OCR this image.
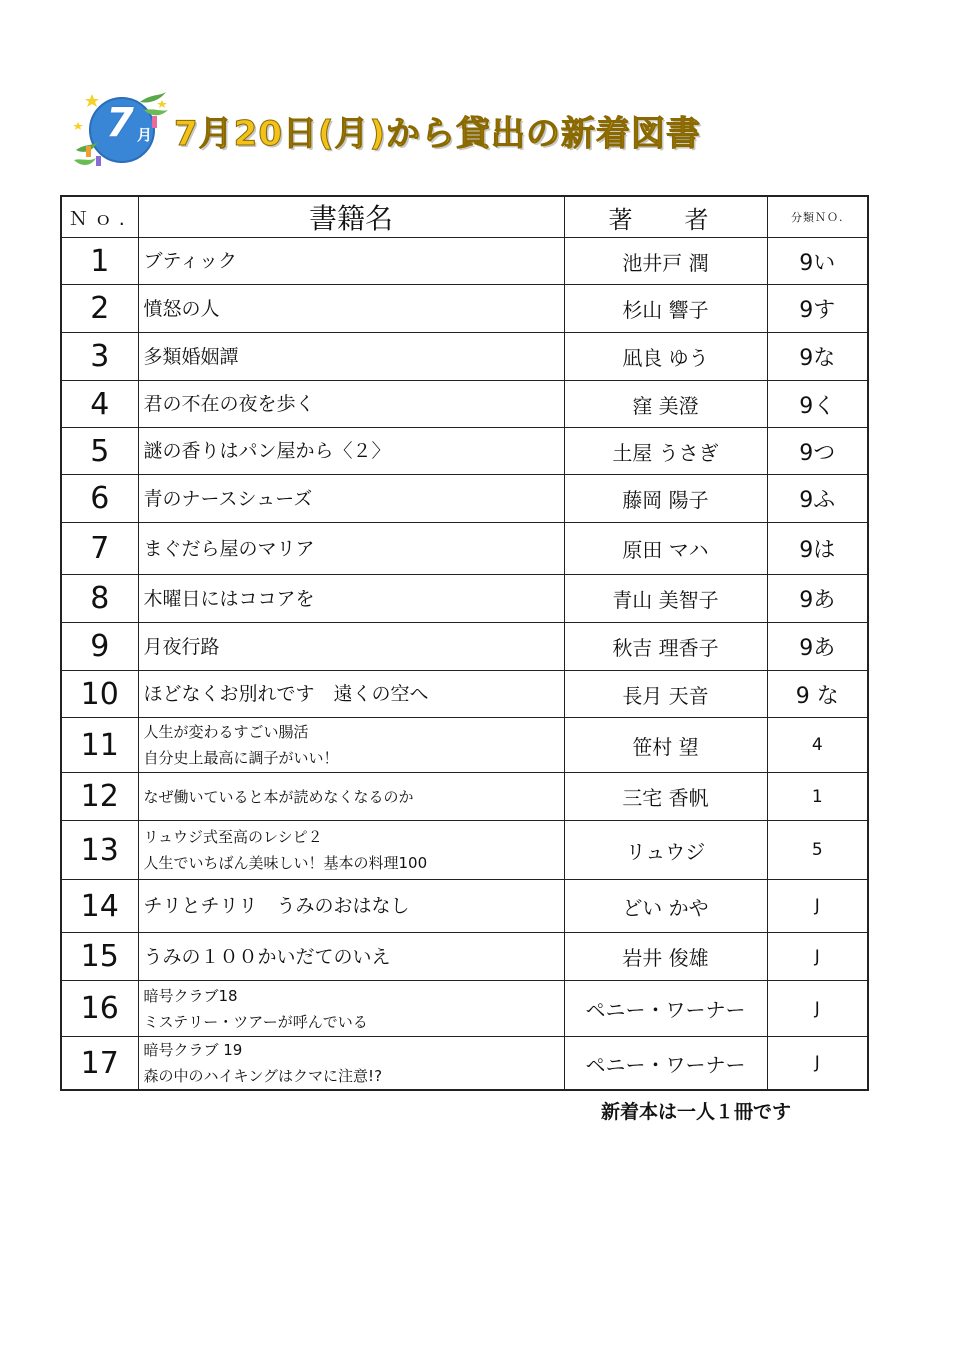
7 月 7月20日(月)から貸出の新着図書
Ｎｏ.	書籍名	著　者	分類ＮＯ.
1	ブティック	池井戸 潤	9い
2	憤怒の人	杉山 響子	9す
3	多類婚姻譚	凪良 ゆう	9な
4	君の不在の夜を歩く	窪 美澄	9く
5	謎の香りはパン屋から〈２〉	土屋 うさぎ	9つ
6	青のナースシューズ	藤岡 陽子	9ふ
7	まぐだら屋のマリア	原田 マハ	9は
8	木曜日にはココアを	青山 美智子	9あ
9	月夜行路	秋吉 理香子	9あ
10	ほどなくお別れです　遠くの空へ	長月 天音	9 な
11	人生が変わるすごい腸活
自分史上最高に調子がいい！	笹村 望	4
12	なぜ働いていると本が読めなくなるのか	三宅 香帆	1
13	リュウジ式至高のレシピ２
人生でいちばん美味しい！基本の料理100	リュウジ	5
14	チリとチリリ　うみのおはなし	どい かや	J
15	うみの１００かいだてのいえ	岩井 俊雄	J
16	暗号クラブ18
ミステリー・ツアーが呼んでいる	ペニー・ワーナー	J
17	暗号クラブ 19
森の中のハイキングはクマに注意!?	ペニー・ワーナー	J
新着本は一人１冊です
